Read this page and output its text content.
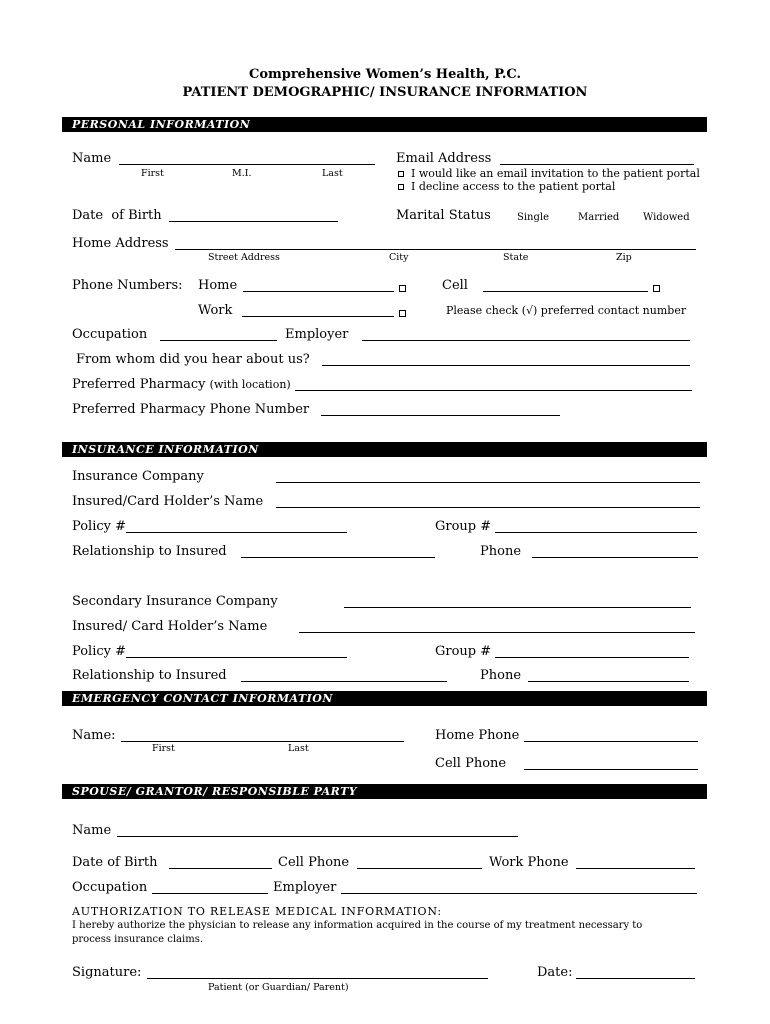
Comprehensive Women’s Health, P.C.
PATIENT DEMOGRAPHIC/ INSURANCE INFORMATION
PERSONAL INFORMATION
Name
First	M.I.	Last
Email Address
I would like an email invitation to the patient portal
I decline access to the patient portal
Date  of Birth	Marital Status	Single	Married Widowed
Home Address
Street Address	City	State	Zip
Phone Numbers: Home	Cell
Work	Please check (√) preferred contact number
Occupation	Employer
From whom did you hear about us?
Preferred Pharmacy (with location)
Preferred Pharmacy Phone Number
INSURANCE INFORMATION
Insurance Company
Insured/Card Holder’s Name
Policy #	Group #
Relationship to Insured	Phone
Secondary Insurance Company
Insured/ Card Holder’s Name
Policy #	Group #
Relationship to Insured	Phone
EMERGENCY CONTACT INFORMATION
Name:
First	Last
Home Phone
Cell Phone
SPOUSE/ GRANTOR/ RESPONSIBLE PARTY
Name
Date of Birth	Cell Phone	Work Phone
Occupation	Employer
AUTHORIZATION TO RELEASE MEDICAL INFORMATION:
I hereby authorize the physician to release any information acquired in the course of my treatment necessary to
process insurance claims.
Signature:
Patient (or Guardian/ Parent)
Date:
